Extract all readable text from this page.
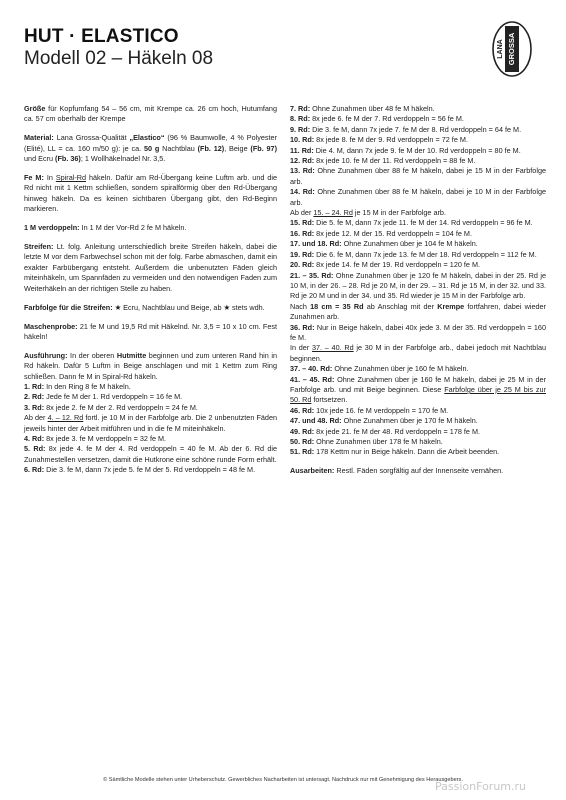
HUT · ELASTICO
Modell 02 – Häkeln 08	LANA GROSSA

Größe für Kopfumfang 54 – 56 cm, mit Krempe ca. 26 cm hoch, Hutumfang ca. 57 cm oberhalb der Krempe

Material: Lana Grossa-Qualität „Elastico“ (96 % Baumwolle, 4 % Polyester (Elité), LL = ca. 160 m/50 g): je ca. 50 g Nachtblau (Fb. 12), Beige (Fb. 97) und Ecru (Fb. 36); 1 Wollhäkelnadel Nr. 3,5.

Fe M: In Spiral-Rd häkeln. Dafür am Rd-Übergang keine Luftm arb. und die Rd nicht mit 1 Kettm schließen, sondern spiralförmig über den Rd-Übergang hinweg häkeln. Da es keinen sichtbaren Übergang gibt, den Rd-Beginn markieren.

1 M verdoppeln: In 1 M der Vor-Rd 2 fe M häkeln.

Streifen: Lt. folg. Anleitung unterschiedlich breite Streifen häkeln, dabei die letzte M vor dem Farbwechsel schon mit der folg. Farbe abmaschen, damit ein exakter Farbübergang entsteht. Außerdem die unbenutzten Fäden gleich miteinhäkeln, um Spannfäden zu vermeiden und den notwendigen Faden zum Weiterhäkeln an der richtigen Stelle zu haben.

Farbfolge für die Streifen: ★ Ecru, Nachtblau und Beige, ab ★ stets wdh.

Maschenprobe: 21 fe M und 19,5 Rd mit Häkelnd. Nr. 3,5 = 10 x 10 cm. Fest häkeln!

Ausführung: In der oberen Hutmitte beginnen und zum unteren Rand hin in Rd häkeln. Dafür 5 Luftm in Beige anschlagen und mit 1 Kettm zum Ring schließen. Dann fe M in Spiral-Rd häkeln.

1. Rd: In den Ring 8 fe M häkeln.

2. Rd: Jede fe M der 1. Rd verdoppeln = 16 fe M.

3. Rd: 8x jede 2. fe M der 2. Rd verdoppeln = 24 fe M.

Ab der 4. – 12. Rd fortl. je 10 M in der Farbfolge arb. Die 2 unbenutzten Fäden jeweils hinter der Arbeit mitführen und in die fe M miteinhäkeln.

4. Rd: 8x jede 3. fe M verdoppeln = 32 fe M.

5. Rd: 8x jede 4. fe M der 4. Rd verdoppeln = 40 fe M. Ab der 6. Rd die Zunahmestellen versetzen, damit die Hutkrone eine schöne runde Form erhält.

6. Rd: Die 3. fe M, dann 7x jede 5. fe M der 5. Rd verdoppeln = 48 fe M.

7. Rd: Ohne Zunahmen über 48 fe M häkeln.

8. Rd: 8x jede 6. fe M der 7. Rd verdoppeln = 56 fe M.

9. Rd: Die 3. fe M, dann 7x jede 7. fe M der 8. Rd verdoppeln = 64 fe M.

10. Rd: 8x jede 8. fe M der 9. Rd verdoppeln = 72 fe M.

11. Rd: Die 4. M, dann 7x jede 9. fe M der 10. Rd verdoppeln = 80 fe M.

12. Rd: 8x jede 10. fe M der 11. Rd verdoppeln = 88 fe M.

13. Rd: Ohne Zunahmen über 88 fe M häkeln, dabei je 15 M in der Farbfolge arb.

14. Rd: Ohne Zunahmen über 88 fe M häkeln, dabei je 10 M in der Farbfolge arb.

Ab der 15. – 24. Rd je 15 M in der Farbfolge arb.

15. Rd: Die 5. fe M, dann 7x jede 11. fe M der 14. Rd verdoppeln = 96 fe M.

16. Rd: 8x jede 12. M der 15. Rd verdoppeln = 104 fe M.

17. und 18. Rd: Ohne Zunahmen über je 104 fe M häkeln.

19. Rd: Die 6. fe M, dann 7x jede 13. fe M der 18. Rd verdoppeln = 112 fe M.

20. Rd: 8x jede 14. fe M der 19. Rd verdoppeln = 120 fe M.

21. – 35. Rd: Ohne Zunahmen über je 120 fe M häkeln, dabei in der 25. Rd je 10 M, in der 26. – 28. Rd je 20 M, in der 29. – 31. Rd je 15 M, in der 32. und 33. Rd je 20 M und in der 34. und 35. Rd wieder je 15 M in der Farbfolge arb.

Nach 18 cm = 35 Rd ab Anschlag mit der Krempe fortfahren, dabei wieder Zunahmen arb.

36. Rd: Nur in Beige häkeln, dabei 40x jede 3. M der 35. Rd verdoppeln = 160 fe M.

In der 37. – 40. Rd je 30 M in der Farbfolge arb., dabei jedoch mit Nachtblau beginnen.

37. – 40. Rd: Ohne Zunahmen über je 160 fe M häkeln.

41. – 45. Rd: Ohne Zunahmen über je 160 fe M häkeln, dabei je 25 M in der Farbfolge arb. und mit Beige beginnen. Diese Farbfolge über je 25 M bis zur 50. Rd fortsetzen.

46. Rd: 10x jede 16. fe M verdoppeln = 170 fe M.

47. und 48. Rd: Ohne Zunahmen über je 170 fe M häkeln.

49. Rd: 8x jede 21. fe M der 48. Rd verdoppeln = 178 fe M.

50. Rd: Ohne Zunahmen über 178 fe M häkeln.

51. Rd: 178 Kettm nur in Beige häkeln. Dann die Arbeit beenden.

Ausarbeiten: Restl. Fäden sorgfältig auf der Innenseite vernähen.

© Sämtliche Modelle stehen unter Urheberschutz. Gewerbliches Nacharbeiten ist untersagt. Nachdruck nur mit Genehmigung des Herausgebers.
PassionForum.ru
